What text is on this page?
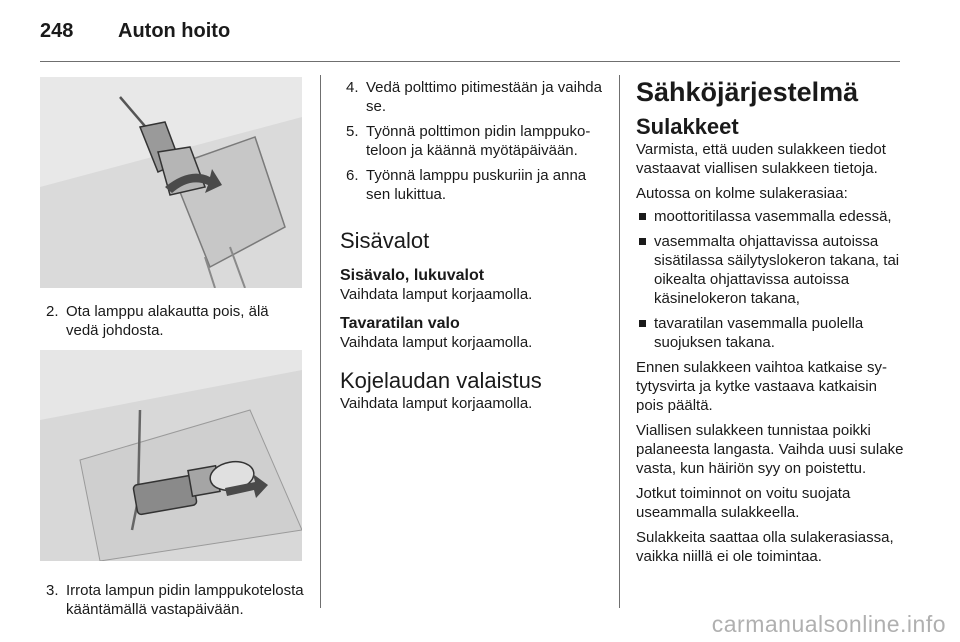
248 Auton hoito

2. Ota lamppu alakautta pois, älä vedä johdosta.

3. Irrota lampun pidin lamppukotelosta kääntämällä vastapäivään.

4. Vedä polttimo pitimestään ja vaihda se.

5. Työnnä polttimon pidin lamppukoteloon ja käännä myötäpäivään.

6. Työnnä lamppu puskuriin ja anna sen lukittua.

Sisävalot
Sisävalo, lukuvalot

Vaihdata lamput korjaamolla.

Tavaratilan valo

Vaihdata lamput korjaamolla.

Kojelaudan valaistus

Vaihdata lamput korjaamolla.

Sähköjärjestelmä
Sulakkeet

Varmista, että uuden sulakkeen tiedot vastaavat viallisen sulakkeen tietoja.

Autossa on kolme sulakerasiaa:

moottoritilassa vasemmalla edessä,
vasemmalta ohjattavissa autoissa sisätilassa säilytyslokeron takana, tai oikealta ohjattavissa autoissa käsinelokeron takana,
tavaratilan vasemmalla puolella suojuksen takana.

Ennen sulakkeen vaihtoa katkaise sytytysvirta ja kytke vastaava katkaisin pois päältä.

Viallisen sulakkeen tunnistaa poikki palaneesta langasta. Vaihda uusi sulake vasta, kun häiriön syy on poistettu.

Jotkut toiminnot on voitu suojata useammalla sulakkeella.

Sulakkeita saattaa olla sulakerasiassa, vaikka niillä ei ole toimintaa.

carmanualsonline.info
